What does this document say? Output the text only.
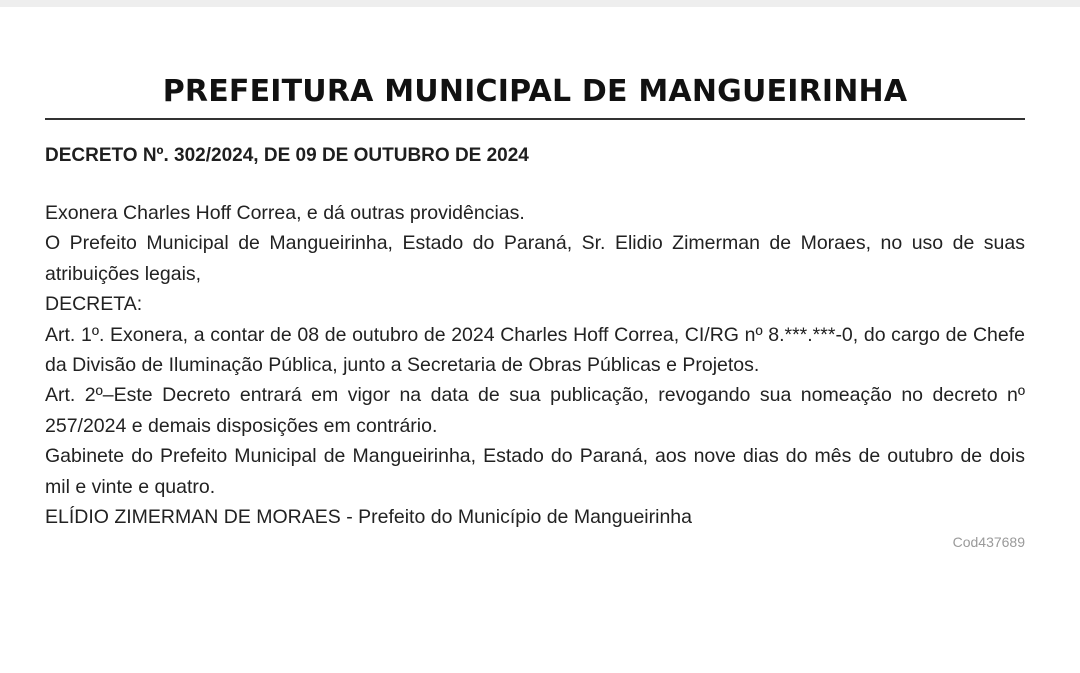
PREFEITURA MUNICIPAL DE MANGUEIRINHA
DECRETO Nº. 302/2024, DE 09 DE OUTUBRO DE 2024

Exonera Charles Hoff Correa, e dá outras providências.

O Prefeito Municipal de Mangueirinha, Estado do Paraná, Sr. Elidio Zimerman de Moraes, no uso de suas atribuições legais,

DECRETA:

Art. 1º. Exonera, a contar de 08 de outubro de 2024 Charles Hoff Correa, CI/RG nº 8.***.***-0, do cargo de Chefe da Divisão de Iluminação Pública, junto a Secretaria de Obras Públicas e Projetos.

Art. 2º–Este Decreto entrará em vigor na data de sua publicação, revogando sua nomeação no decreto nº 257/2024 e demais disposições em contrário.

Gabinete do Prefeito Municipal de Mangueirinha, Estado do Paraná, aos nove dias do mês de outubro de dois mil e vinte e quatro.

ELÍDIO ZIMERMAN DE MORAES - Prefeito do Município de Mangueirinha

Cod437689
